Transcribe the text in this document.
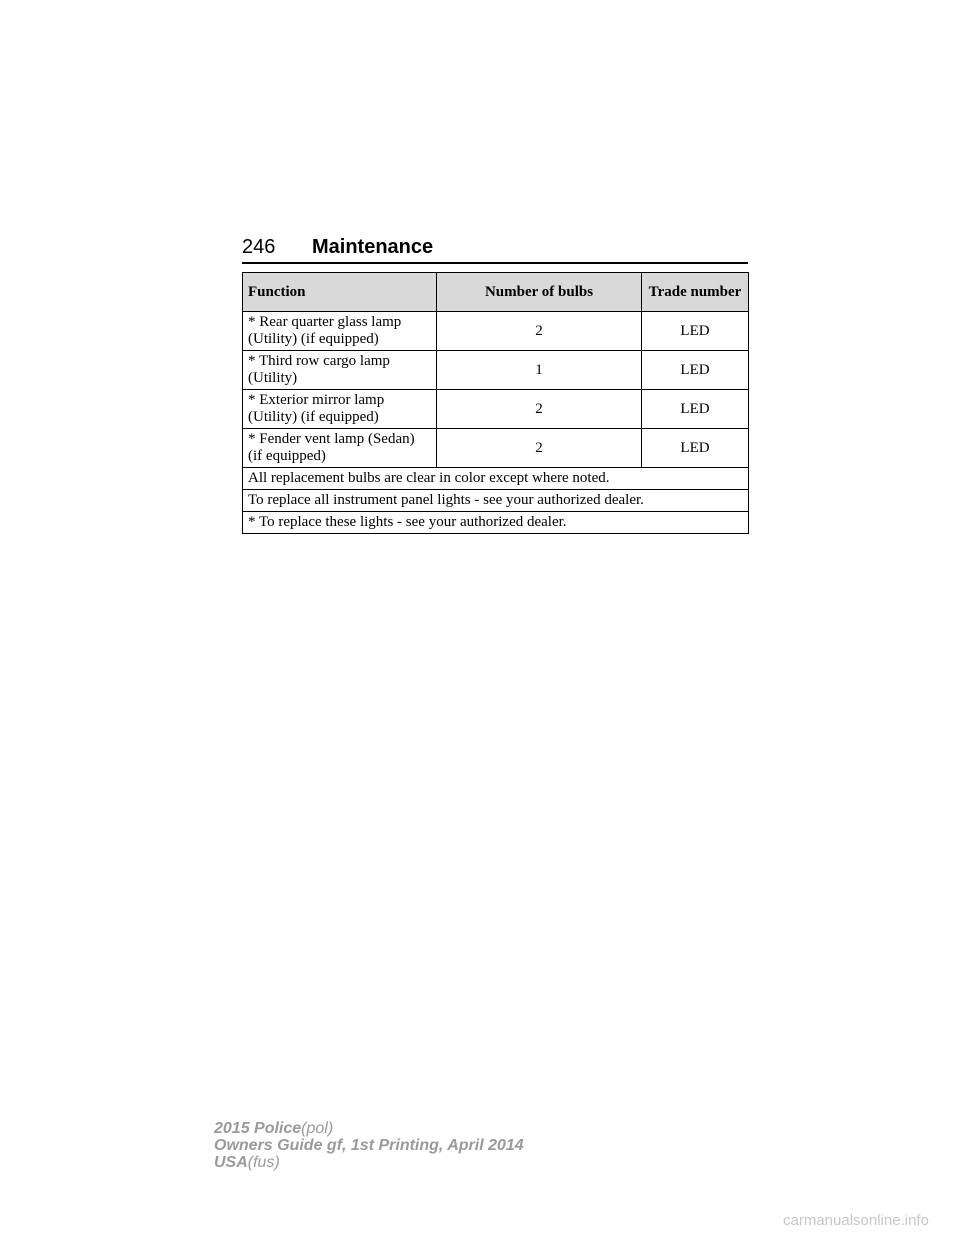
246	Maintenance
Function	Number of bulbs	Trade number
* Rear quarter glass lamp (Utility) (if equipped)	2	LED
* Third row cargo lamp (Utility)	1	LED
* Exterior mirror lamp (Utility) (if equipped)	2	LED
* Fender vent lamp (Sedan) (if equipped)	2	LED
All replacement bulbs are clear in color except where noted.		
To replace all instrument panel lights - see your authorized dealer.		
* To replace these lights - see your authorized dealer.		
2015 Police(pol)
Owners Guide gf, 1st Printing, April 2014
USA(fus)
carmanualsonline.info
